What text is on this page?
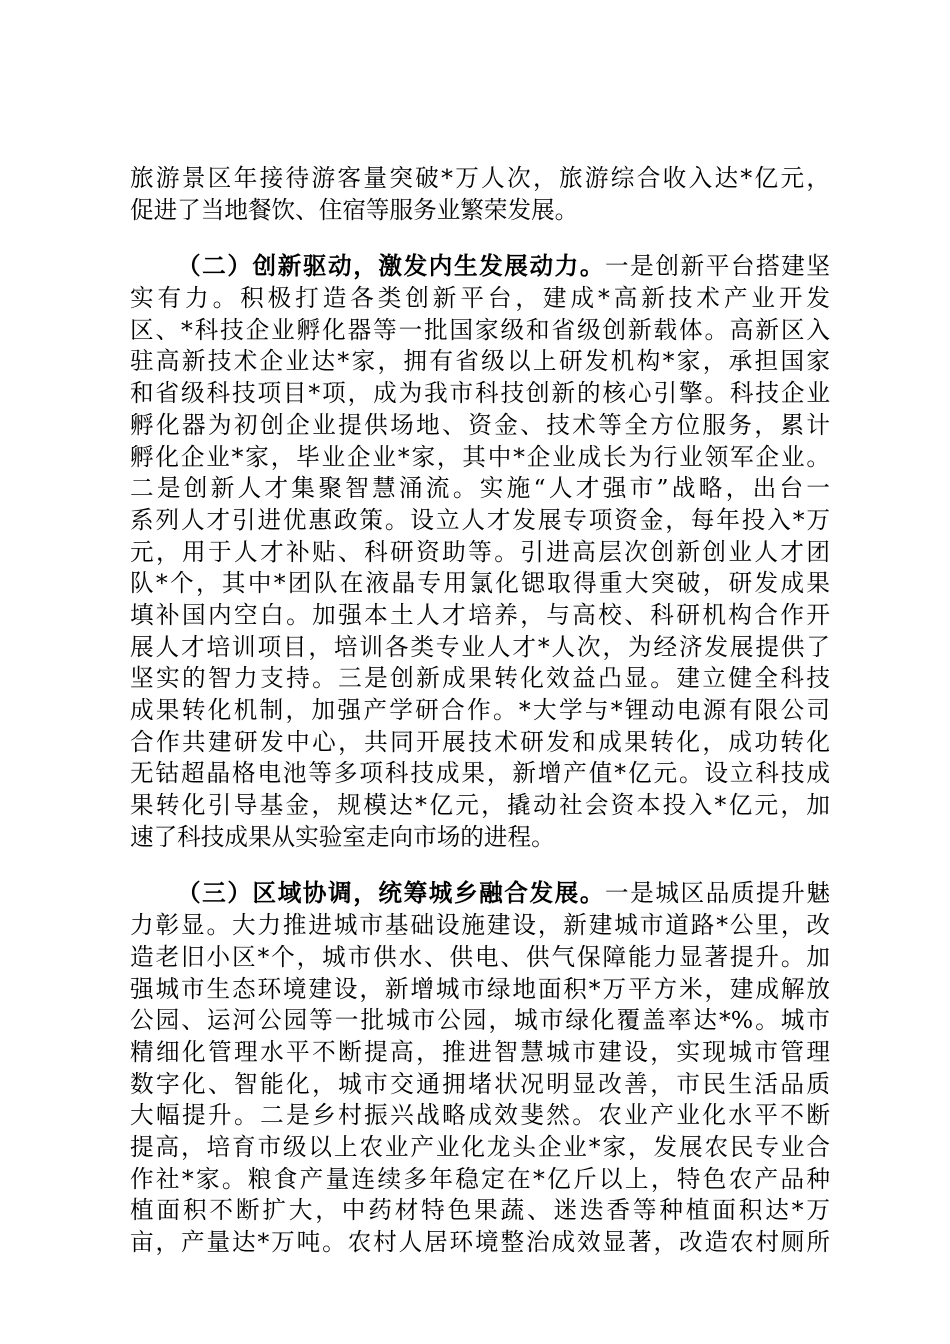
旅游景区年接待游客量突破*万人次，旅游综合收入达*亿元，
促进了当地餐饮、住宿等服务业繁荣发展。
（二）创新驱动，激发内生发展动力。一是创新平台搭建坚
实有力。积极打造各类创新平台，建成*高新技术产业开发
区、*科技企业孵化器等一批国家级和省级创新载体。高新区入
驻高新技术企业达*家，拥有省级以上研发机构*家，承担国家
和省级科技项目*项，成为我市科技创新的核心引擎。科技企业
孵化器为初创企业提供场地、资金、技术等全方位服务，累计
孵化企业*家，毕业企业*家，其中*企业成长为行业领军企业。
二是创新人才集聚智慧涌流。实施“人才强市”战略，出台一
系列人才引进优惠政策。设立人才发展专项资金，每年投入*万
元，用于人才补贴、科研资助等。引进高层次创新创业人才团
队*个，其中*团队在液晶专用氯化锶取得重大突破，研发成果
填补国内空白。加强本土人才培养，与高校、科研机构合作开
展人才培训项目，培训各类专业人才*人次，为经济发展提供了
坚实的智力支持。三是创新成果转化效益凸显。建立健全科技
成果转化机制，加强产学研合作。*大学与*锂动电源有限公司
合作共建研发中心，共同开展技术研发和成果转化，成功转化
无钴超晶格电池等多项科技成果，新增产值*亿元。设立科技成
果转化引导基金，规模达*亿元，撬动社会资本投入*亿元，加
速了科技成果从实验室走向市场的进程。
（三）区域协调，统筹城乡融合发展。一是城区品质提升魅
力彰显。大力推进城市基础设施建设，新建城市道路*公里，改
造老旧小区*个，城市供水、供电、供气保障能力显著提升。加
强城市生态环境建设，新增城市绿地面积*万平方米，建成解放
公园、运河公园等一批城市公园，城市绿化覆盖率达*%。城市
精细化管理水平不断提高，推进智慧城市建设，实现城市管理
数字化、智能化，城市交通拥堵状况明显改善，市民生活品质
大幅提升。二是乡村振兴战略成效斐然。农业产业化水平不断
提高，培育市级以上农业产业化龙头企业*家，发展农民专业合
作社*家。粮食产量连续多年稳定在*亿斤以上，特色农产品种
植面积不断扩大，中药材特色果蔬、迷迭香等种植面积达*万
亩，产量达*万吨。农村人居环境整治成效显著，改造农村厕所
